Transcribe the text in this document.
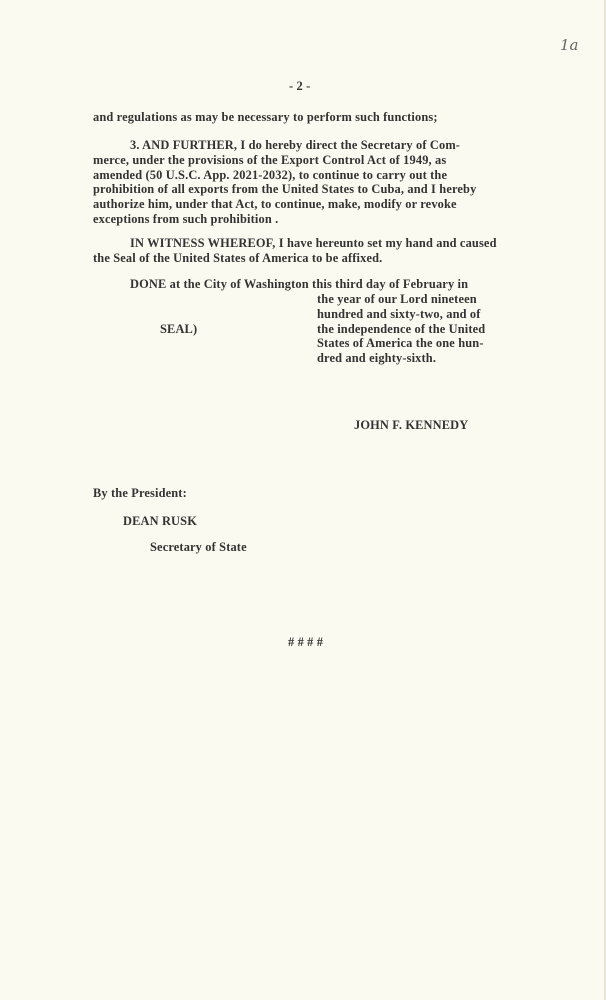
1a
- 2 -
and regulations as may be necessary to perform such functions;
3. AND FURTHER, I do hereby direct the Secretary of Com-
merce, under the provisions of the Export Control Act of 1949, as
amended (50 U.S.C. App. 2021-2032), to continue to carry out the
prohibition of all exports from the United States to Cuba, and I hereby
authorize him, under that Act, to continue, make, modify or revoke
exceptions from such prohibition .
IN WITNESS WHEREOF, I have hereunto set my hand and caused
the Seal of the United States of America to be affixed.
DONE at the City of Washington this third day of February in
the year of our Lord nineteen
hundred and sixty-two, and of
the independence of the United
States of America the one hun-
dred and eighty-sixth.
SEAL)
JOHN F. KENNEDY
By the President:
DEAN RUSK
Secretary of State
# # # #
